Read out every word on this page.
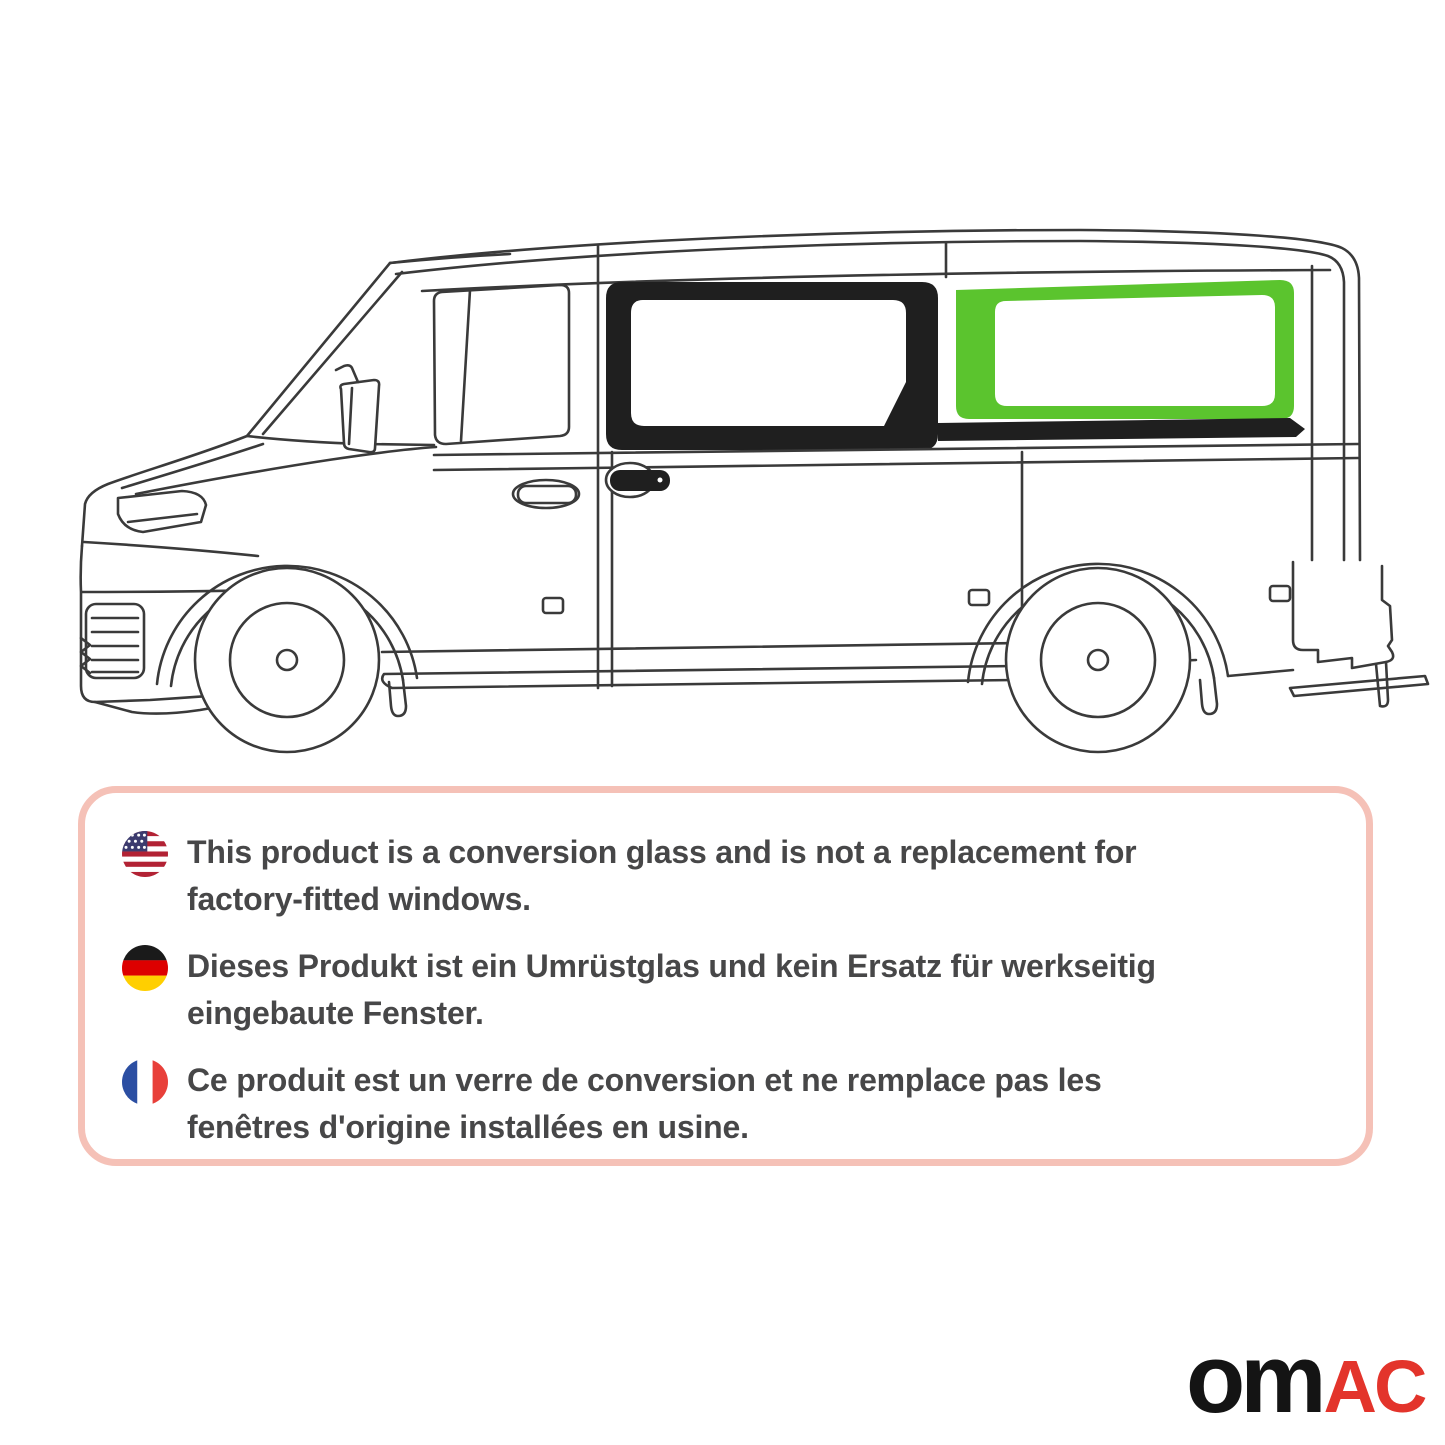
This product is a conversion glass and is not a replacement for
factory-fitted windows.
Dieses Produkt ist ein Umrüstglas und kein Ersatz für werkseitig
eingebaute Fenster.
Ce produit est un verre de conversion et ne remplace pas les
fenêtres d'origine installées en usine.
om AC
